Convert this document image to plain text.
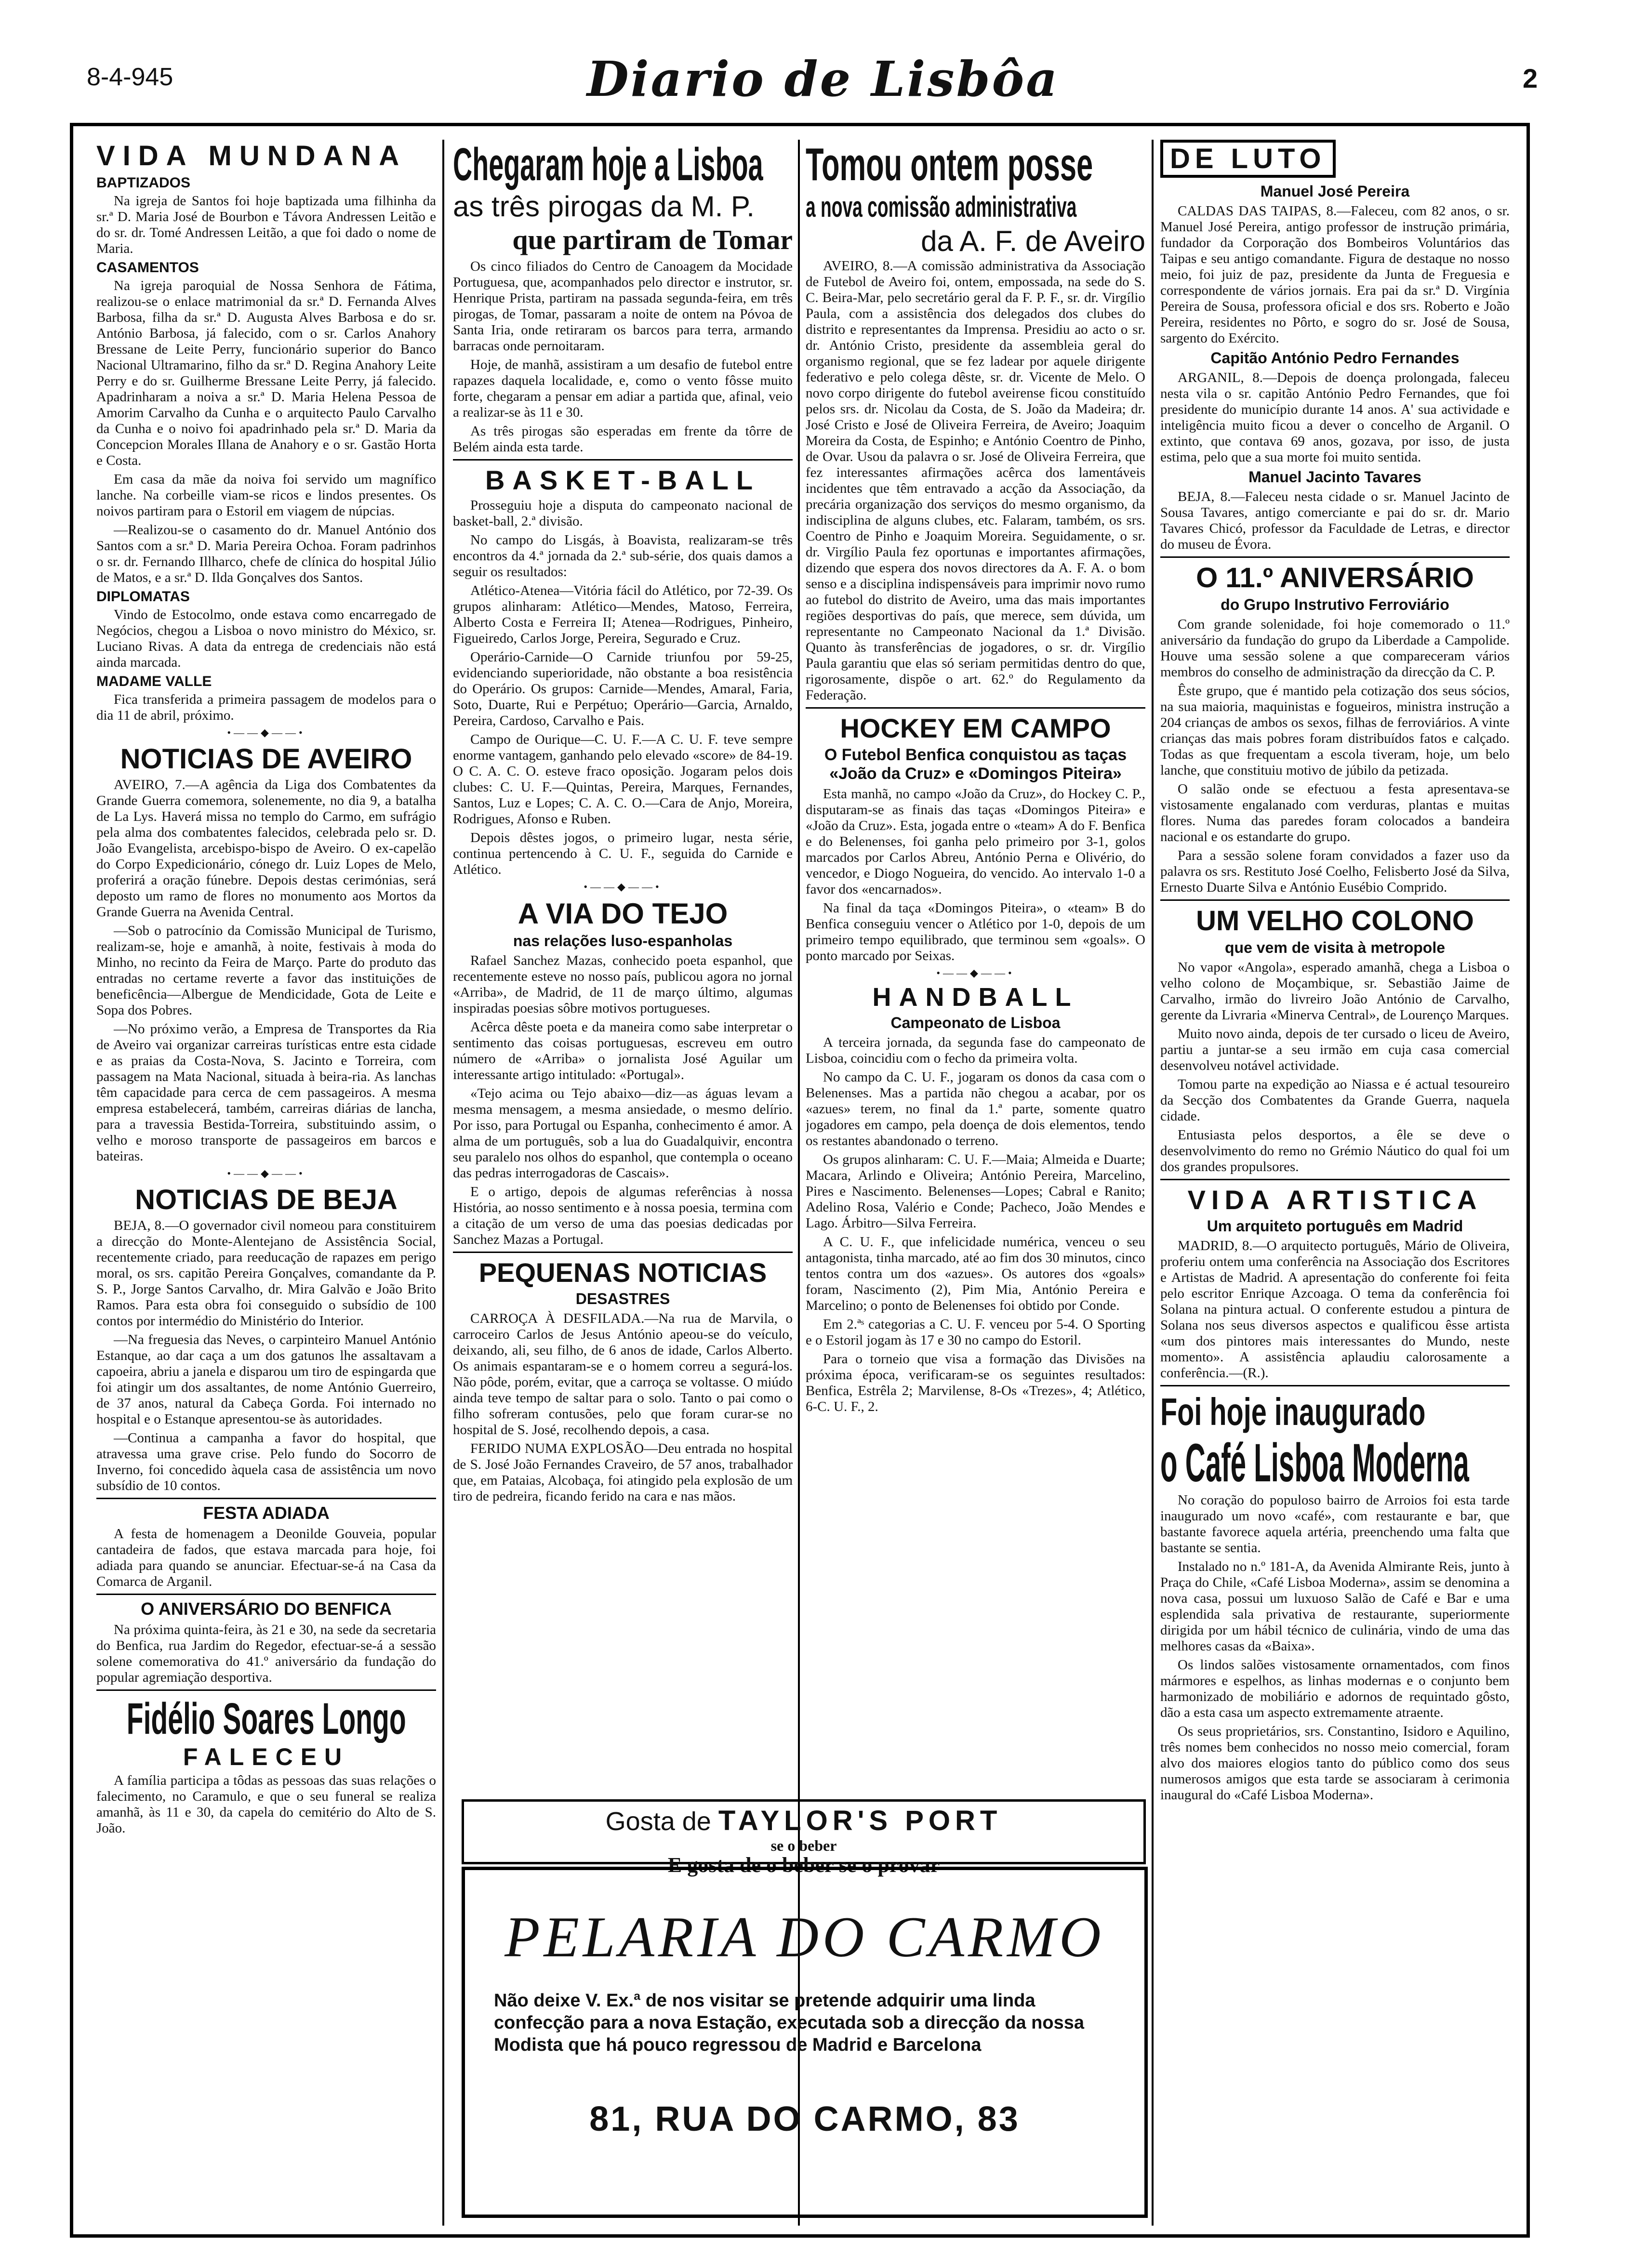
8-4-945	Diario de Lisbôa	2
VIDA MUNDANA
BAPTIZADOS

Na igreja de Santos foi hoje baptizada uma filhinha da sr.ª D. Maria José de Bourbon e Távora Andressen Leitão e do sr. dr. Tomé Andressen Leitão, a que foi dado o nome de Maria.

CASAMENTOS

Na igreja paroquial de Nossa Senhora de Fátima, realizou-se o enlace matrimonial da sr.ª D. Fernanda Alves Barbosa, filha da sr.ª D. Augusta Alves Barbosa e do sr. António Barbosa, já falecido, com o sr. Carlos Anahory Bressane de Leite Perry, funcionário superior do Banco Nacional Ultramarino, filho da sr.ª D. Regina Anahory Leite Perry e do sr. Guilherme Bressane Leite Perry, já falecido. Apadrinharam a noiva a sr.ª D. Maria Helena Pessoa de Amorim Carvalho da Cunha e o arquitecto Paulo Carvalho da Cunha e o noivo foi apadrinhado pela sr.ª D. Maria da Concepcion Morales Illana de Anahory e o sr. Gastão Horta e Costa.

Em casa da mãe da noiva foi servido um magnífico lanche. Na corbeille viam-se ricos e lindos presentes. Os noivos partiram para o Estoril em viagem de núpcias.

—Realizou-se o casamento do dr. Manuel António dos Santos com a sr.ª D. Maria Pereira Ochoa. Foram padrinhos o sr. dr. Fernando Illharco, chefe de clínica do hospital Júlio de Matos, e a sr.ª D. Ilda Gonçalves dos Santos.

DIPLOMATAS

Vindo de Estocolmo, onde estava como encarregado de Negócios, chegou a Lisboa o novo ministro do México, sr. Luciano Rivas. A data da entrega de credenciais não está ainda marcada.

MADAME VALLE

Fica transferida a primeira passagem de modelos para o dia 11 de abril, próximo.

•——◆——•
NOTICIAS DE AVEIRO

AVEIRO, 7.—A agência da Liga dos Combatentes da Grande Guerra comemora, solenemente, no dia 9, a batalha de La Lys. Haverá missa no templo do Carmo, em sufrágio pela alma dos combatentes falecidos, celebrada pelo sr. D. João Evangelista, arcebispo-bispo de Aveiro. O ex-capelão do Corpo Expedicionário, cónego dr. Luiz Lopes de Melo, proferirá a oração fúnebre. Depois destas cerimónias, será deposto um ramo de flores no monumento aos Mortos da Grande Guerra na Avenida Central.

—Sob o patrocínio da Comissão Municipal de Turismo, realizam-se, hoje e amanhã, à noite, festivais à moda do Minho, no recinto da Feira de Março. Parte do produto das entradas no certame reverte a favor das instituições de beneficência—Albergue de Mendicidade, Gota de Leite e Sopa dos Pobres.

—No próximo verão, a Empresa de Transportes da Ria de Aveiro vai organizar carreiras turísticas entre esta cidade e as praias da Costa-Nova, S. Jacinto e Torreira, com passagem na Mata Nacional, situada à beira-ria. As lanchas têm capacidade para cerca de cem passageiros. A mesma empresa estabelecerá, também, carreiras diárias de lancha, para a travessia Bestida-Torreira, substituindo assim, o velho e moroso transporte de passageiros em barcos e bateiras.

•——◆——•
NOTICIAS DE BEJA

BEJA, 8.—O governador civil nomeou para constituirem a direcção do Monte-Alentejano de Assistência Social, recentemente criado, para reeducação de rapazes em perigo moral, os srs. capitão Pereira Gonçalves, comandante da P. S. P., Jorge Santos Carvalho, dr. Mira Galvão e João Brito Ramos. Para esta obra foi conseguido o subsídio de 100 contos por intermédio do Ministério do Interior.

—Na freguesia das Neves, o carpinteiro Manuel António Estanque, ao dar caça a um dos gatunos lhe assaltavam a capoeira, abriu a janela e disparou um tiro de espingarda que foi atingir um dos assaltantes, de nome António Guerreiro, de 37 anos, natural da Cabeça Gorda. Foi internado no hospital e o Estanque apresentou-se às autoridades.

—Continua a campanha a favor do hospital, que atravessa uma grave crise. Pelo fundo do Socorro de Inverno, foi concedido àquela casa de assistência um novo subsídio de 10 contos.

FESTA ADIADA

A festa de homenagem a Deonilde Gouveia, popular cantadeira de fados, que estava marcada para hoje, foi adiada para quando se anunciar. Efectuar-se-á na Casa da Comarca de Arganil.

O ANIVERSÁRIO DO BENFICA

Na próxima quinta-feira, às 21 e 30, na sede da secretaria do Benfica, rua Jardim do Regedor, efectuar-se-á a sessão solene comemorativa do 41.º aniversário da fundação do popular agremiação desportiva.

Fidélio Soares Longo
FALECEU

A família participa a tôdas as pessoas das suas relações o falecimento, no Caramulo, e que o seu funeral se realiza amanhã, às 11 e 30, da capela do cemitério do Alto de S. João.

Chegaram hoje a Lisboa
as três pirogas da M. P.
que partiram de Tomar

Os cinco filiados do Centro de Canoagem da Mocidade Portuguesa, que, acompanhados pelo director e instrutor, sr. Henrique Prista, partiram na passada segunda-feira, em três pirogas, de Tomar, passaram a noite de ontem na Póvoa de Santa Iria, onde retiraram os barcos para terra, armando barracas onde pernoitaram.

Hoje, de manhã, assistiram a um desafio de futebol entre rapazes daquela localidade, e, como o vento fôsse muito forte, chegaram a pensar em adiar a partida que, afinal, veio a realizar-se às 11 e 30.

As três pirogas são esperadas em frente da tôrre de Belém ainda esta tarde.

BASKET-BALL

Prosseguiu hoje a disputa do campeonato nacional de basket-ball, 2.ª divisão.

No campo do Lisgás, à Boavista, realizaram-se três encontros da 4.ª jornada da 2.ª sub-série, dos quais damos a seguir os resultados:

Atlético-Atenea—Vitória fácil do Atlético, por 72-39. Os grupos alinharam: Atlético—Mendes, Matoso, Ferreira, Alberto Costa e Ferreira II; Atenea—Rodrigues, Pinheiro, Figueiredo, Carlos Jorge, Pereira, Segurado e Cruz.

Operário-Carnide—O Carnide triunfou por 59-25, evidenciando superioridade, não obstante a boa resistência do Operário. Os grupos: Carnide—Mendes, Amaral, Faria, Soto, Duarte, Rui e Perpétuo; Operário—Garcia, Arnaldo, Pereira, Cardoso, Carvalho e Pais.

Campo de Ourique—C. U. F.—A C. U. F. teve sempre enorme vantagem, ganhando pelo elevado «score» de 84-19. O C. A. C. O. esteve fraco oposição. Jogaram pelos dois clubes: C. U. F.—Quintas, Pereira, Marques, Fernandes, Santos, Luz e Lopes; C. A. C. O.—Cara de Anjo, Moreira, Rodrigues, Afonso e Ruben.

Depois dêstes jogos, o primeiro lugar, nesta série, continua pertencendo à C. U. F., seguida do Carnide e Atlético.

•——◆——•
A VIA DO TEJO
nas relações luso-espanholas

Rafael Sanchez Mazas, conhecido poeta espanhol, que recentemente esteve no nosso país, publicou agora no jornal «Arriba», de Madrid, de 11 de março último, algumas inspiradas poesias sôbre motivos portugueses.

Acêrca dêste poeta e da maneira como sabe interpretar o sentimento das coisas portuguesas, escreveu em outro número de «Arriba» o jornalista José Aguilar um interessante artigo intitulado: «Portugal».

«Tejo acima ou Tejo abaixo—diz—as águas levam a mesma mensagem, a mesma ansiedade, o mesmo delírio. Por isso, para Portugal ou Espanha, conhecimento é amor. A alma de um português, sob a lua do Guadalquivir, encontra seu paralelo nos olhos do espanhol, que contempla o oceano das pedras interrogadoras de Cascais».

E o artigo, depois de algumas referências à nossa História, ao nosso sentimento e à nossa poesia, termina com a citação de um verso de uma das poesias dedicadas por Sanchez Mazas a Portugal.

PEQUENAS NOTICIAS
DESASTRES

CARROÇA À DESFILADA.—Na rua de Marvila, o carroceiro Carlos de Jesus António apeou-se do veículo, deixando, ali, seu filho, de 6 anos de idade, Carlos Alberto. Os animais espantaram-se e o homem correu a segurá-los. Não pôde, porém, evitar, que a carroça se voltasse. O miúdo ainda teve tempo de saltar para o solo. Tanto o pai como o filho sofreram contusões, pelo que foram curar-se no hospital de S. José, recolhendo depois, a casa.

FERIDO NUMA EXPLOSÃO—Deu entrada no hospital de S. José João Fernandes Craveiro, de 57 anos, trabalhador que, em Pataias, Alcobaça, foi atingido pela explosão de um tiro de pedreira, ficando ferido na cara e nas mãos.

Tomou ontem posse
a nova comissão administrativa
da A. F. de Aveiro

AVEIRO, 8.—A comissão administrativa da Associação de Futebol de Aveiro foi, ontem, empossada, na sede do S. C. Beira-Mar, pelo secretário geral da F. P. F., sr. dr. Virgílio Paula, com a assistência dos delegados dos clubes do distrito e representantes da Imprensa. Presidiu ao acto o sr. dr. António Cristo, presidente da assembleia geral do organismo regional, que se fez ladear por aquele dirigente federativo e pelo colega dêste, sr. dr. Vicente de Melo. O novo corpo dirigente do futebol aveirense ficou constituído pelos srs. dr. Nicolau da Costa, de S. João da Madeira; dr. José Cristo e José de Oliveira Ferreira, de Aveiro; Joaquim Moreira da Costa, de Espinho; e António Coentro de Pinho, de Ovar. Usou da palavra o sr. José de Oliveira Ferreira, que fez interessantes afirmações acêrca dos lamentáveis incidentes que têm entravado a acção da Associação, da precária organização dos serviços do mesmo organismo, da indisciplina de alguns clubes, etc. Falaram, também, os srs. Coentro de Pinho e Joaquim Moreira. Seguidamente, o sr. dr. Virgílio Paula fez oportunas e importantes afirmações, dizendo que espera dos novos directores da A. F. A. o bom senso e a disciplina indispensáveis para imprimir novo rumo ao futebol do distrito de Aveiro, uma das mais importantes regiões desportivas do país, que merece, sem dúvida, um representante no Campeonato Nacional da 1.ª Divisão. Quanto às transferências de jogadores, o sr. dr. Virgílio Paula garantiu que elas só seriam permitidas dentro do que, rigorosamente, dispõe o art. 62.º do Regulamento da Federação.

HOCKEY EM CAMPO
O Futebol Benfica conquistou as taças «João da Cruz» e «Domingos Piteira»

Esta manhã, no campo «João da Cruz», do Hockey C. P., disputaram-se as finais das taças «Domingos Piteira» e «João da Cruz». Esta, jogada entre o «team» A do F. Benfica e do Belenenses, foi ganha pelo primeiro por 3-1, golos marcados por Carlos Abreu, António Perna e Olivério, do vencedor, e Diogo Nogueira, do vencido. Ao intervalo 1-0 a favor dos «encarnados».

Na final da taça «Domingos Piteira», o «team» B do Benfica conseguiu vencer o Atlético por 1-0, depois de um primeiro tempo equilibrado, que terminou sem «goals». O ponto marcado por Seixas.

•——◆——•
HANDBALL
Campeonato de Lisboa

A terceira jornada, da segunda fase do campeonato de Lisboa, coincidiu com o fecho da primeira volta.

No campo da C. U. F., jogaram os donos da casa com o Belenenses. Mas a partida não chegou a acabar, por os «azues» terem, no final da 1.ª parte, somente quatro jogadores em campo, pela doença de dois elementos, tendo os restantes abandonado o terreno.

Os grupos alinharam: C. U. F.—Maia; Almeida e Duarte; Macara, Arlindo e Oliveira; António Pereira, Marcelino, Pires e Nascimento. Belenenses—Lopes; Cabral e Ranito; Adelino Rosa, Valério e Conde; Pacheco, João Mendes e Lago. Árbitro—Silva Ferreira.

A C. U. F., que infelicidade numérica, venceu o seu antagonista, tinha marcado, até ao fim dos 30 minutos, cinco tentos contra um dos «azues». Os autores dos «goals» foram, Nascimento (2), Pim Mia, António Pereira e Marcelino; o ponto de Belenenses foi obtido por Conde.

Em 2.ªˢ categorias a C. U. F. venceu por 5-4. O Sporting e o Estoril jogam às 17 e 30 no campo do Estoril.

Para o torneio que visa a formação das Divisões na próxima época, verificaram-se os seguintes resultados: Benfica, Estrêla 2; Marvilense, 8-Os «Trezes», 4; Atlético, 6-C. U. F., 2.

DE LUTO
Manuel José Pereira

CALDAS DAS TAIPAS, 8.—Faleceu, com 82 anos, o sr. Manuel José Pereira, antigo professor de instrução primária, fundador da Corporação dos Bombeiros Voluntários das Taipas e seu antigo comandante. Figura de destaque no nosso meio, foi juiz de paz, presidente da Junta de Freguesia e correspondente de vários jornais. Era pai da sr.ª D. Virgínia Pereira de Sousa, professora oficial e dos srs. Roberto e João Pereira, residentes no Pôrto, e sogro do sr. José de Sousa, sargento do Exército.

Capitão António Pedro Fernandes

ARGANIL, 8.—Depois de doença prolongada, faleceu nesta vila o sr. capitão António Pedro Fernandes, que foi presidente do município durante 14 anos. A' sua actividade e inteligência muito ficou a dever o concelho de Arganil. O extinto, que contava 69 anos, gozava, por isso, de justa estima, pelo que a sua morte foi muito sentida.

Manuel Jacinto Tavares

BEJA, 8.—Faleceu nesta cidade o sr. Manuel Jacinto de Sousa Tavares, antigo comerciante e pai do sr. dr. Mario Tavares Chicó, professor da Faculdade de Letras, e director do museu de Évora.

O 11.º ANIVERSÁRIO
do Grupo Instrutivo Ferroviário

Com grande solenidade, foi hoje comemorado o 11.º aniversário da fundação do grupo da Liberdade a Campolide. Houve uma sessão solene a que compareceram vários membros do conselho de administração da direcção da C. P.

Êste grupo, que é mantido pela cotização dos seus sócios, na sua maioria, maquinistas e fogueiros, ministra instrução a 204 crianças de ambos os sexos, filhas de ferroviários. A vinte crianças das mais pobres foram distribuídos fatos e calçado. Todas as que frequentam a escola tiveram, hoje, um belo lanche, que constituiu motivo de júbilo da petizada.

O salão onde se efectuou a festa apresentava-se vistosamente engalanado com verduras, plantas e muitas flores. Numa das paredes foram colocados a bandeira nacional e os estandarte do grupo.

Para a sessão solene foram convidados a fazer uso da palavra os srs. Restituto José Coelho, Felisberto José da Silva, Ernesto Duarte Silva e António Eusébio Comprido.

UM VELHO COLONO
que vem de visita à metropole

No vapor «Angola», esperado amanhã, chega a Lisboa o velho colono de Moçambique, sr. Sebastião Jaime de Carvalho, irmão do livreiro João António de Carvalho, gerente da Livraria «Minerva Central», de Lourenço Marques.

Muito novo ainda, depois de ter cursado o liceu de Aveiro, partiu a juntar-se a seu irmão em cuja casa comercial desenvolveu notável actividade.

Tomou parte na expedição ao Niassa e é actual tesoureiro da Secção dos Combatentes da Grande Guerra, naquela cidade.

Entusiasta pelos desportos, a êle se deve o desenvolvimento do remo no Grémio Náutico do qual foi um dos grandes propulsores.

VIDA ARTISTICA
Um arquiteto português em Madrid

MADRID, 8.—O arquitecto português, Mário de Oliveira, proferiu ontem uma conferência na Associação dos Escritores e Artistas de Madrid. A apresentação do conferente foi feita pelo escritor Enrique Azcoaga. O tema da conferência foi Solana na pintura actual. O conferente estudou a pintura de Solana nos seus diversos aspectos e qualificou êsse artista «um dos pintores mais interessantes do Mundo, neste momento». A assistência aplaudiu calorosamente a conferência.—(R.).

Foi hoje inaugurado
o Café Lisboa Moderna

No coração do populoso bairro de Arroios foi esta tarde inaugurado um novo «café», com restaurante e bar, que bastante favorece aquela artéria, preenchendo uma falta que bastante se sentia.

Instalado no n.º 181-A, da Avenida Almirante Reis, junto à Praça do Chile, «Café Lisboa Moderna», assim se denomina a nova casa, possui um luxuoso Salão de Café e Bar e uma esplendida sala privativa de restaurante, superiormente dirigida por um hábil técnico de culinária, vindo de uma das melhores casas da «Baixa».

Os lindos salões vistosamente ornamentados, com finos mármores e espelhos, as linhas modernas e o conjunto bem harmonizado de mobiliário e adornos de requintado gôsto, dão a esta casa um aspecto extremamente atraente.

Os seus proprietários, srs. Constantino, Isidoro e Aquilino, três nomes bem conhecidos no nosso meio comercial, foram alvo dos maiores elogios tanto do público como dos seus numerosos amigos que esta tarde se associaram à cerimonia inaugural do «Café Lisboa Moderna».

Gosta de TAYLOR'S PORT
se o beber
E gosta de o beber se o provar
PELARIA DO CARMO
Não deixe V. Ex.ª de nos visitar se pretende adquirir uma linda confecção para a nova Estação, executada sob a direcção da nossa Modista que há pouco regressou de Madrid e Barcelona
81, RUA DO CARMO, 83
